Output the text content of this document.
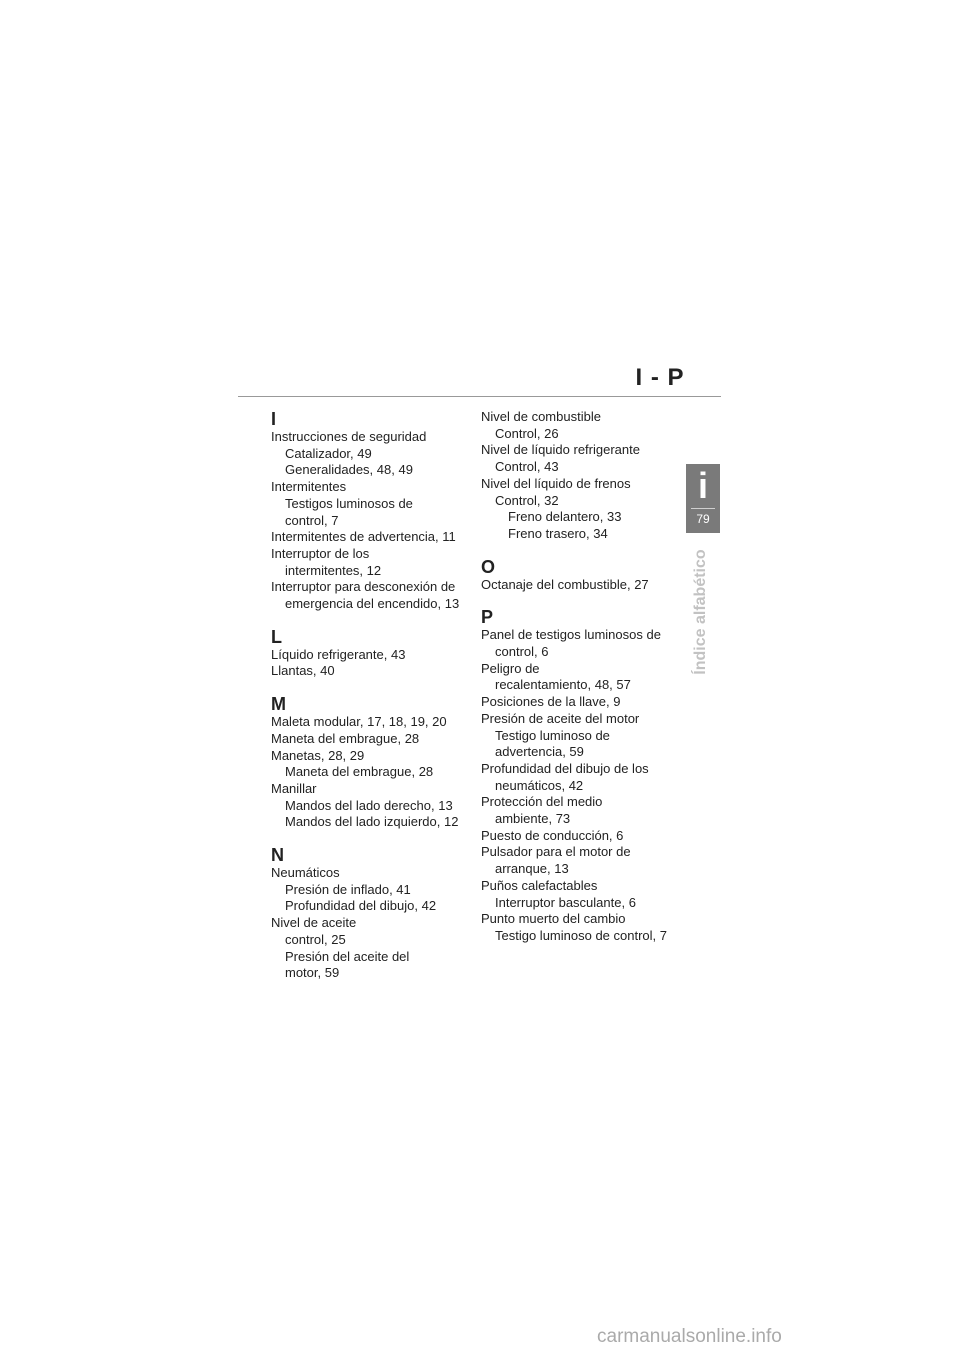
I - P
I
Instrucciones de seguridad
Catalizador, 49
Generalidades, 48, 49
Intermitentes
Testigos luminosos de
control, 7
Intermitentes de advertencia, 11
Interruptor de los
intermitentes, 12
Interruptor para desconexión de
emergencia del encendido, 13
L
Líquido refrigerante, 43
Llantas, 40
M
Maleta modular, 17, 18, 19, 20
Maneta del embrague, 28
Manetas, 28, 29
Maneta del embrague, 28
Manillar
Mandos del lado derecho, 13
Mandos del lado izquierdo, 12
N
Neumáticos
Presión de inflado, 41
Profundidad del dibujo, 42
Nivel de aceite
control, 25
Presión del aceite del
motor, 59
Nivel de combustible
Control, 26
Nivel de líquido refrigerante
Control, 43
Nivel del líquido de frenos
Control, 32
Freno delantero, 33
Freno trasero, 34
O
Octanaje del combustible, 27
P
Panel de testigos luminosos de
control, 6
Peligro de
recalentamiento, 48, 57
Posiciones de la llave, 9
Presión de aceite del motor
Testigo luminoso de
advertencia, 59
Profundidad del dibujo de los
neumáticos, 42
Protección del medio
ambiente, 73
Puesto de conducción, 6
Pulsador para el motor de
arranque, 13
Puños calefactables
Interruptor basculante, 6
Punto muerto del cambio
Testigo luminoso de control, 7
i
79
Índice alfabético
carmanualsonline.info
